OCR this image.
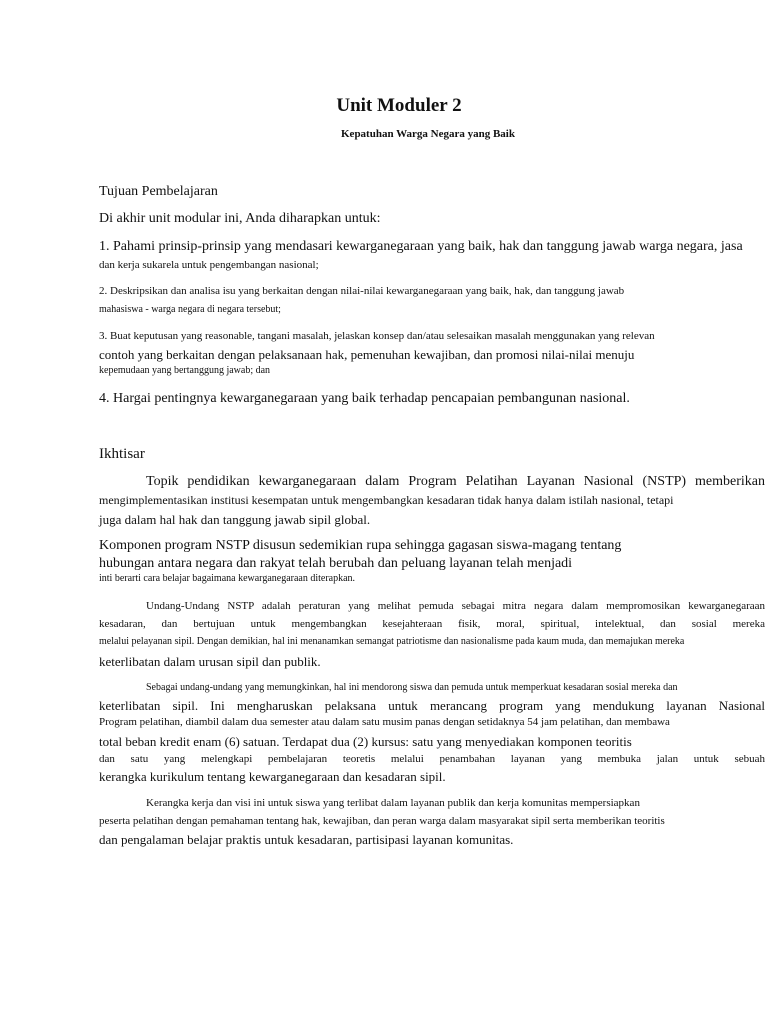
Unit Moduler 2
Kepatuhan Warga Negara yang Baik
Tujuan Pembelajaran
Di akhir unit modular ini, Anda diharapkan untuk:
1. Pahami prinsip-prinsip yang mendasari kewarganegaraan yang baik, hak dan tanggung jawab warga negara, jasa
dan kerja sukarela untuk pengembangan nasional;
2. Deskripsikan dan analisa isu yang berkaitan dengan nilai-nilai kewarganegaraan yang baik, hak, dan tanggung jawab
mahasiswa - warga negara di negara tersebut;
3. Buat keputusan yang reasonable, tangani masalah, jelaskan konsep dan/atau selesaikan masalah menggunakan yang relevan
contoh yang berkaitan dengan pelaksanaan hak, pemenuhan kewajiban, dan promosi nilai-nilai menuju
kepemudaan yang bertanggung jawab; dan
4. Hargai pentingnya kewarganegaraan yang baik terhadap pencapaian pembangunan nasional.
Ikhtisar
Topik pendidikan kewarganegaraan dalam Program Pelatihan Layanan Nasional (NSTP) memberikan
mengimplementasikan institusi kesempatan untuk mengembangkan kesadaran tidak hanya dalam istilah nasional, tetapi
juga dalam hal hak dan tanggung jawab sipil global.
Komponen program NSTP disusun sedemikian rupa sehingga gagasan siswa-magang tentang
hubungan antara negara dan rakyat telah berubah dan peluang layanan telah menjadi
inti berarti cara belajar bagaimana kewarganegaraan diterapkan.
Undang-Undang NSTP adalah peraturan yang melihat pemuda sebagai mitra negara dalam mempromosikan kewarganegaraan
kesadaran, dan bertujuan untuk mengembangkan kesejahteraan fisik, moral, spiritual, intelektual, dan sosial mereka
melalui pelayanan sipil. Dengan demikian, hal ini menanamkan semangat patriotisme dan nasionalisme pada kaum muda, dan memajukan mereka
keterlibatan dalam urusan sipil dan publik.
Sebagai undang-undang yang memungkinkan, hal ini mendorong siswa dan pemuda untuk memperkuat kesadaran sosial mereka dan
keterlibatan sipil. Ini mengharuskan pelaksana untuk merancang program yang mendukung layanan Nasional
Program pelatihan, diambil dalam dua semester atau dalam satu musim panas dengan setidaknya 54 jam pelatihan, dan membawa
total beban kredit enam (6) satuan. Terdapat dua (2) kursus: satu yang menyediakan komponen teoritis
dan satu yang melengkapi pembelajaran teoretis melalui penambahan layanan yang membuka jalan untuk sebuah
kerangka kurikulum tentang kewarganegaraan dan kesadaran sipil.
Kerangka kerja dan visi ini untuk siswa yang terlibat dalam layanan publik dan kerja komunitas mempersiapkan
peserta pelatihan dengan pemahaman tentang hak, kewajiban, dan peran warga dalam masyarakat sipil serta memberikan teoritis
dan pengalaman belajar praktis untuk kesadaran, partisipasi layanan komunitas.
